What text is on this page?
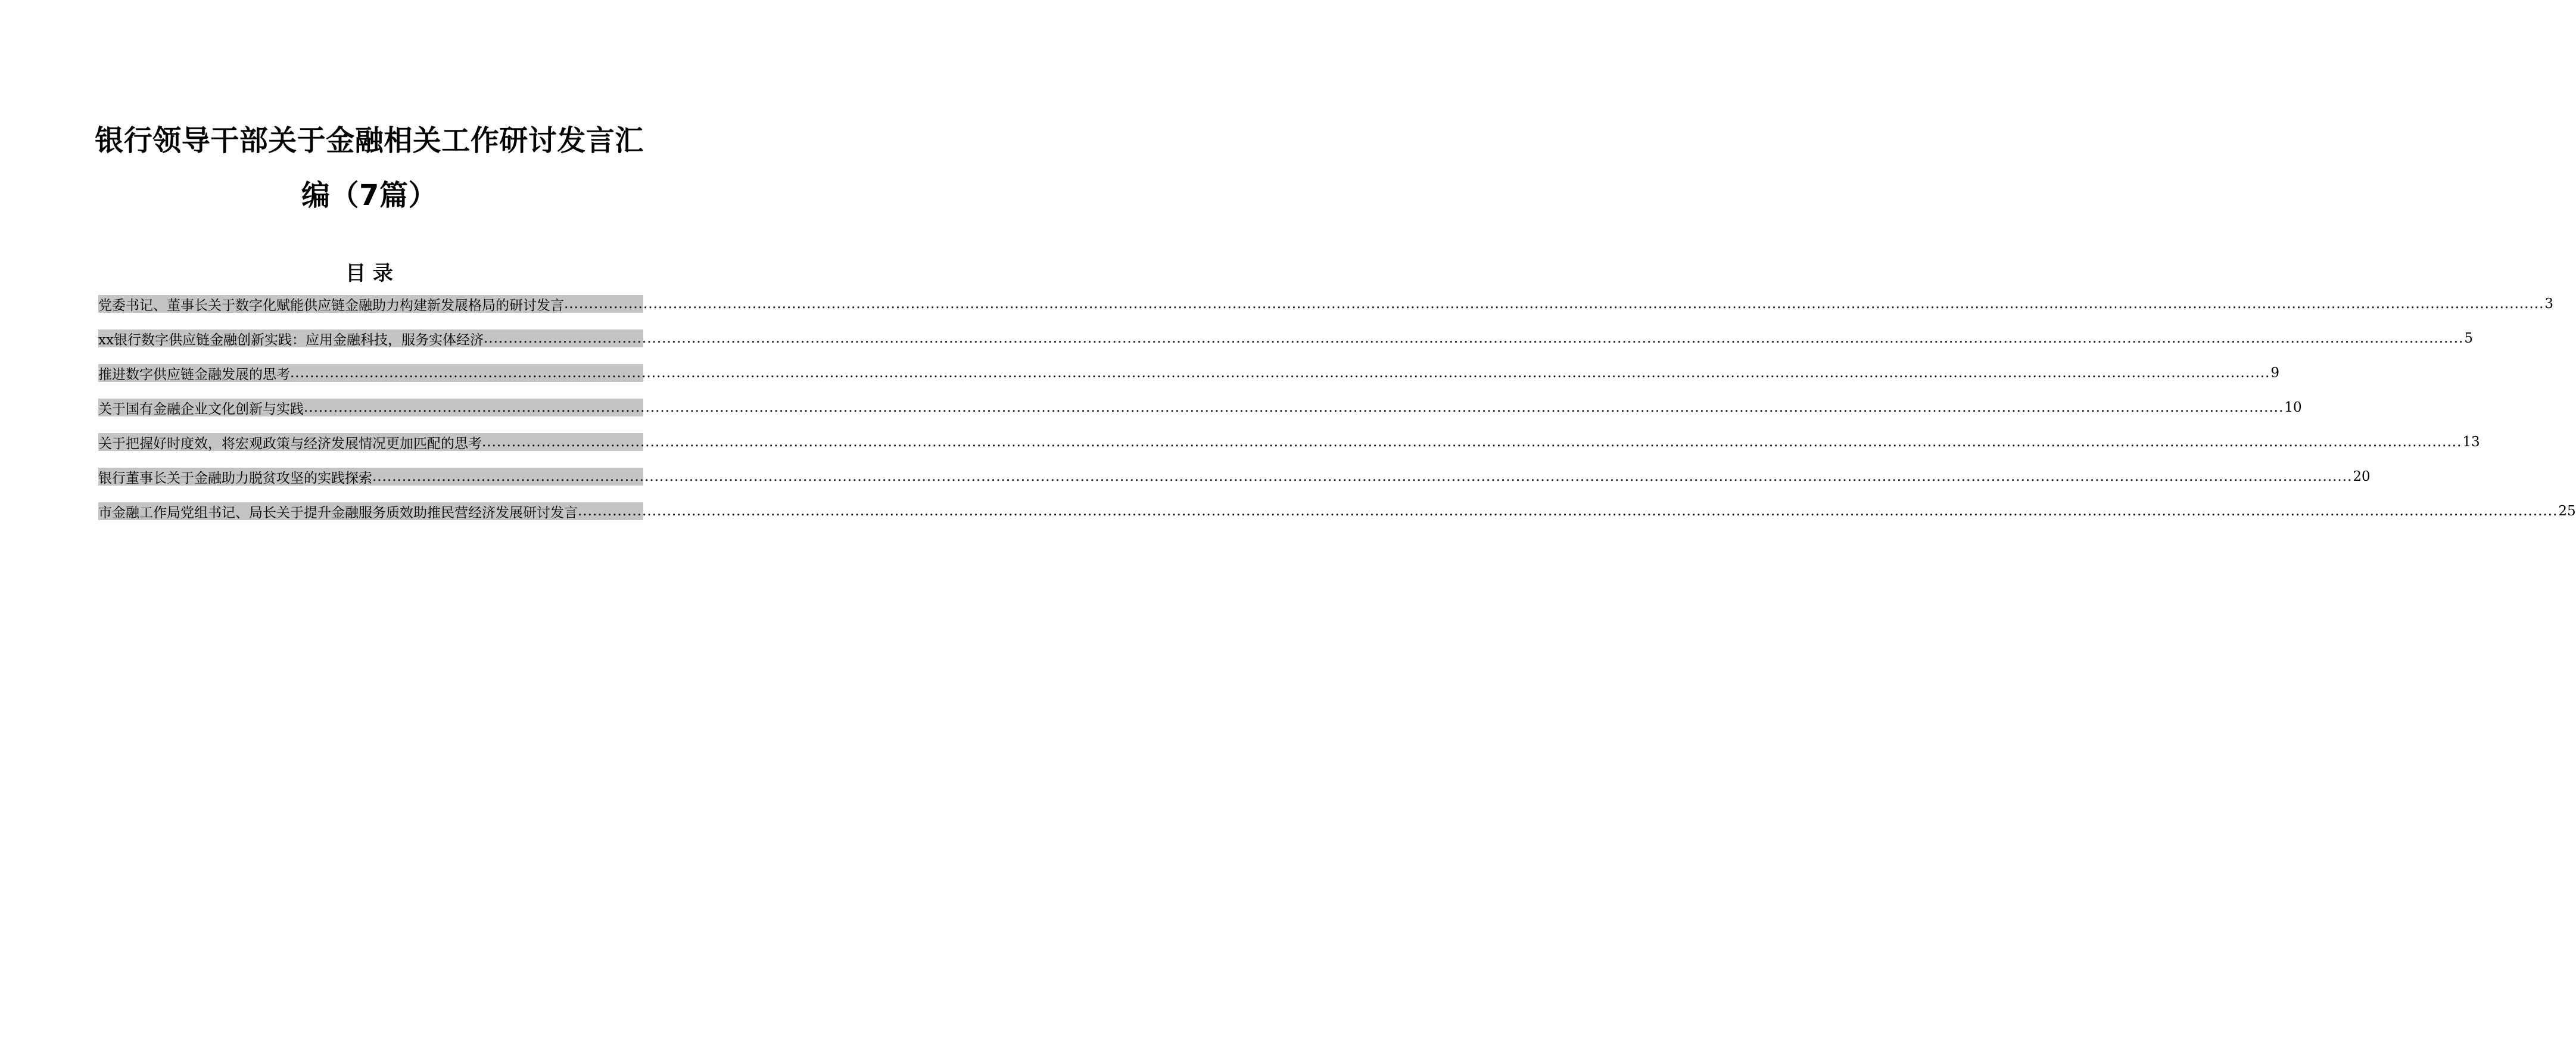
银行领导干部关于金融相关工作研讨发言汇
编（7篇）
目 录
党委书记、董事长关于数字化赋能供应链金融助力构建新发展格局的研讨发言 ................................................................................................................................................................................................................................................................................................................................................................................................................ 3
xx银行数字供应链金融创新实践：应用金融科技，服务实体经济 ................................................................................................................................................................................................................................................................................................................................................................................................................ 5
推进数字供应链金融发展的思考 ................................................................................................................................................................................................................................................................................................................................................................................................................ 9
关于国有金融企业文化创新与实践 ................................................................................................................................................................................................................................................................................................................................................................................................................ 10
关于把握好时度效，将宏观政策与经济发展情况更加匹配的思考 ................................................................................................................................................................................................................................................................................................................................................................................................................ 13
银行董事长关于金融助力脱贫攻坚的实践探索 ................................................................................................................................................................................................................................................................................................................................................................................................................ 20
市金融工作局党组书记、局长关于提升金融服务质效助推民营经济发展研讨发言 ................................................................................................................................................................................................................................................................................................................................................................................................................ 25
